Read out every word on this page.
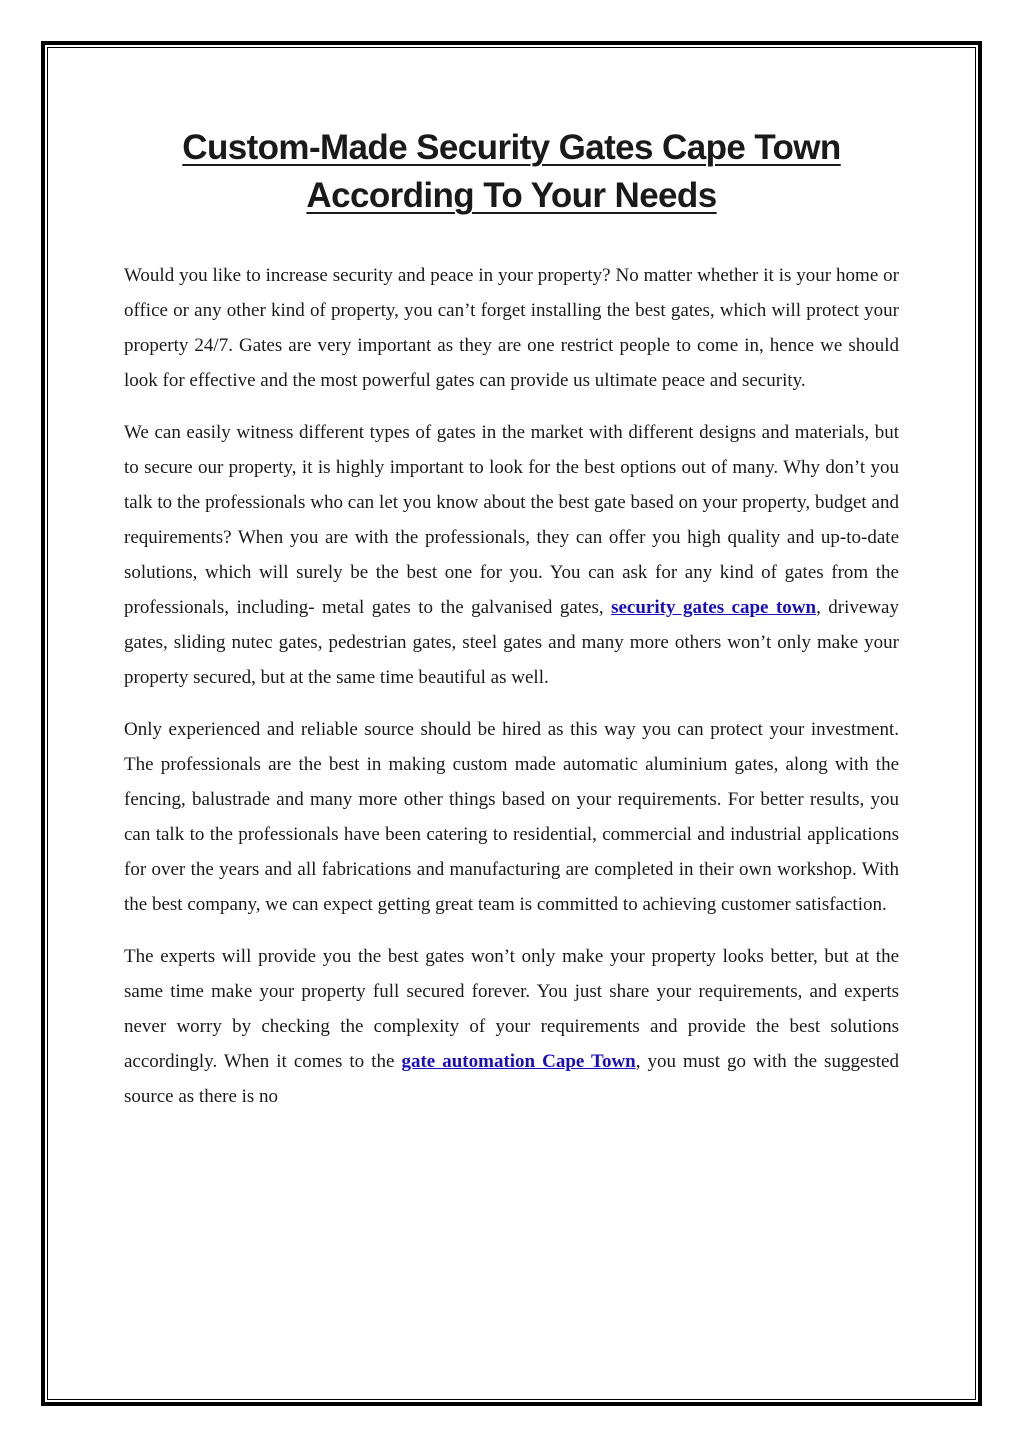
Custom-Made Security Gates Cape Town
According To Your Needs

Would you like to increase security and peace in your property? No matter whether it is your home or office or any other kind of property, you can’t forget installing the best gates, which will protect your property 24/7. Gates are very important as they are one restrict people to come in, hence we should look for effective and the most powerful gates can provide us ultimate peace and security.

We can easily witness different types of gates in the market with different designs and materials, but to secure our property, it is highly important to look for the best options out of many. Why don’t you talk to the professionals who can let you know about the best gate based on your property, budget and requirements? When you are with the professionals, they can offer you high quality and up-to-date solutions, which will surely be the best one for you. You can ask for any kind of gates from the professionals, including- metal gates to the galvanised gates, security gates cape town, driveway gates, sliding nutec gates, pedestrian gates, steel gates and many more others won’t only make your property secured, but at the same time beautiful as well.

Only experienced and reliable source should be hired as this way you can protect your investment. The professionals are the best in making custom made automatic aluminium gates, along with the fencing, balustrade and many more other things based on your requirements. For better results, you can talk to the professionals have been catering to residential, commercial and industrial applications for over the years and all fabrications and manufacturing are completed in their own workshop. With the best company, we can expect getting great team is committed to achieving customer satisfaction.

The experts will provide you the best gates won’t only make your property looks better, but at the same time make your property full secured forever. You just share your requirements, and experts never worry by checking the complexity of your requirements and provide the best solutions accordingly. When it comes to the gate automation Cape Town, you must go with the suggested source as there is no
